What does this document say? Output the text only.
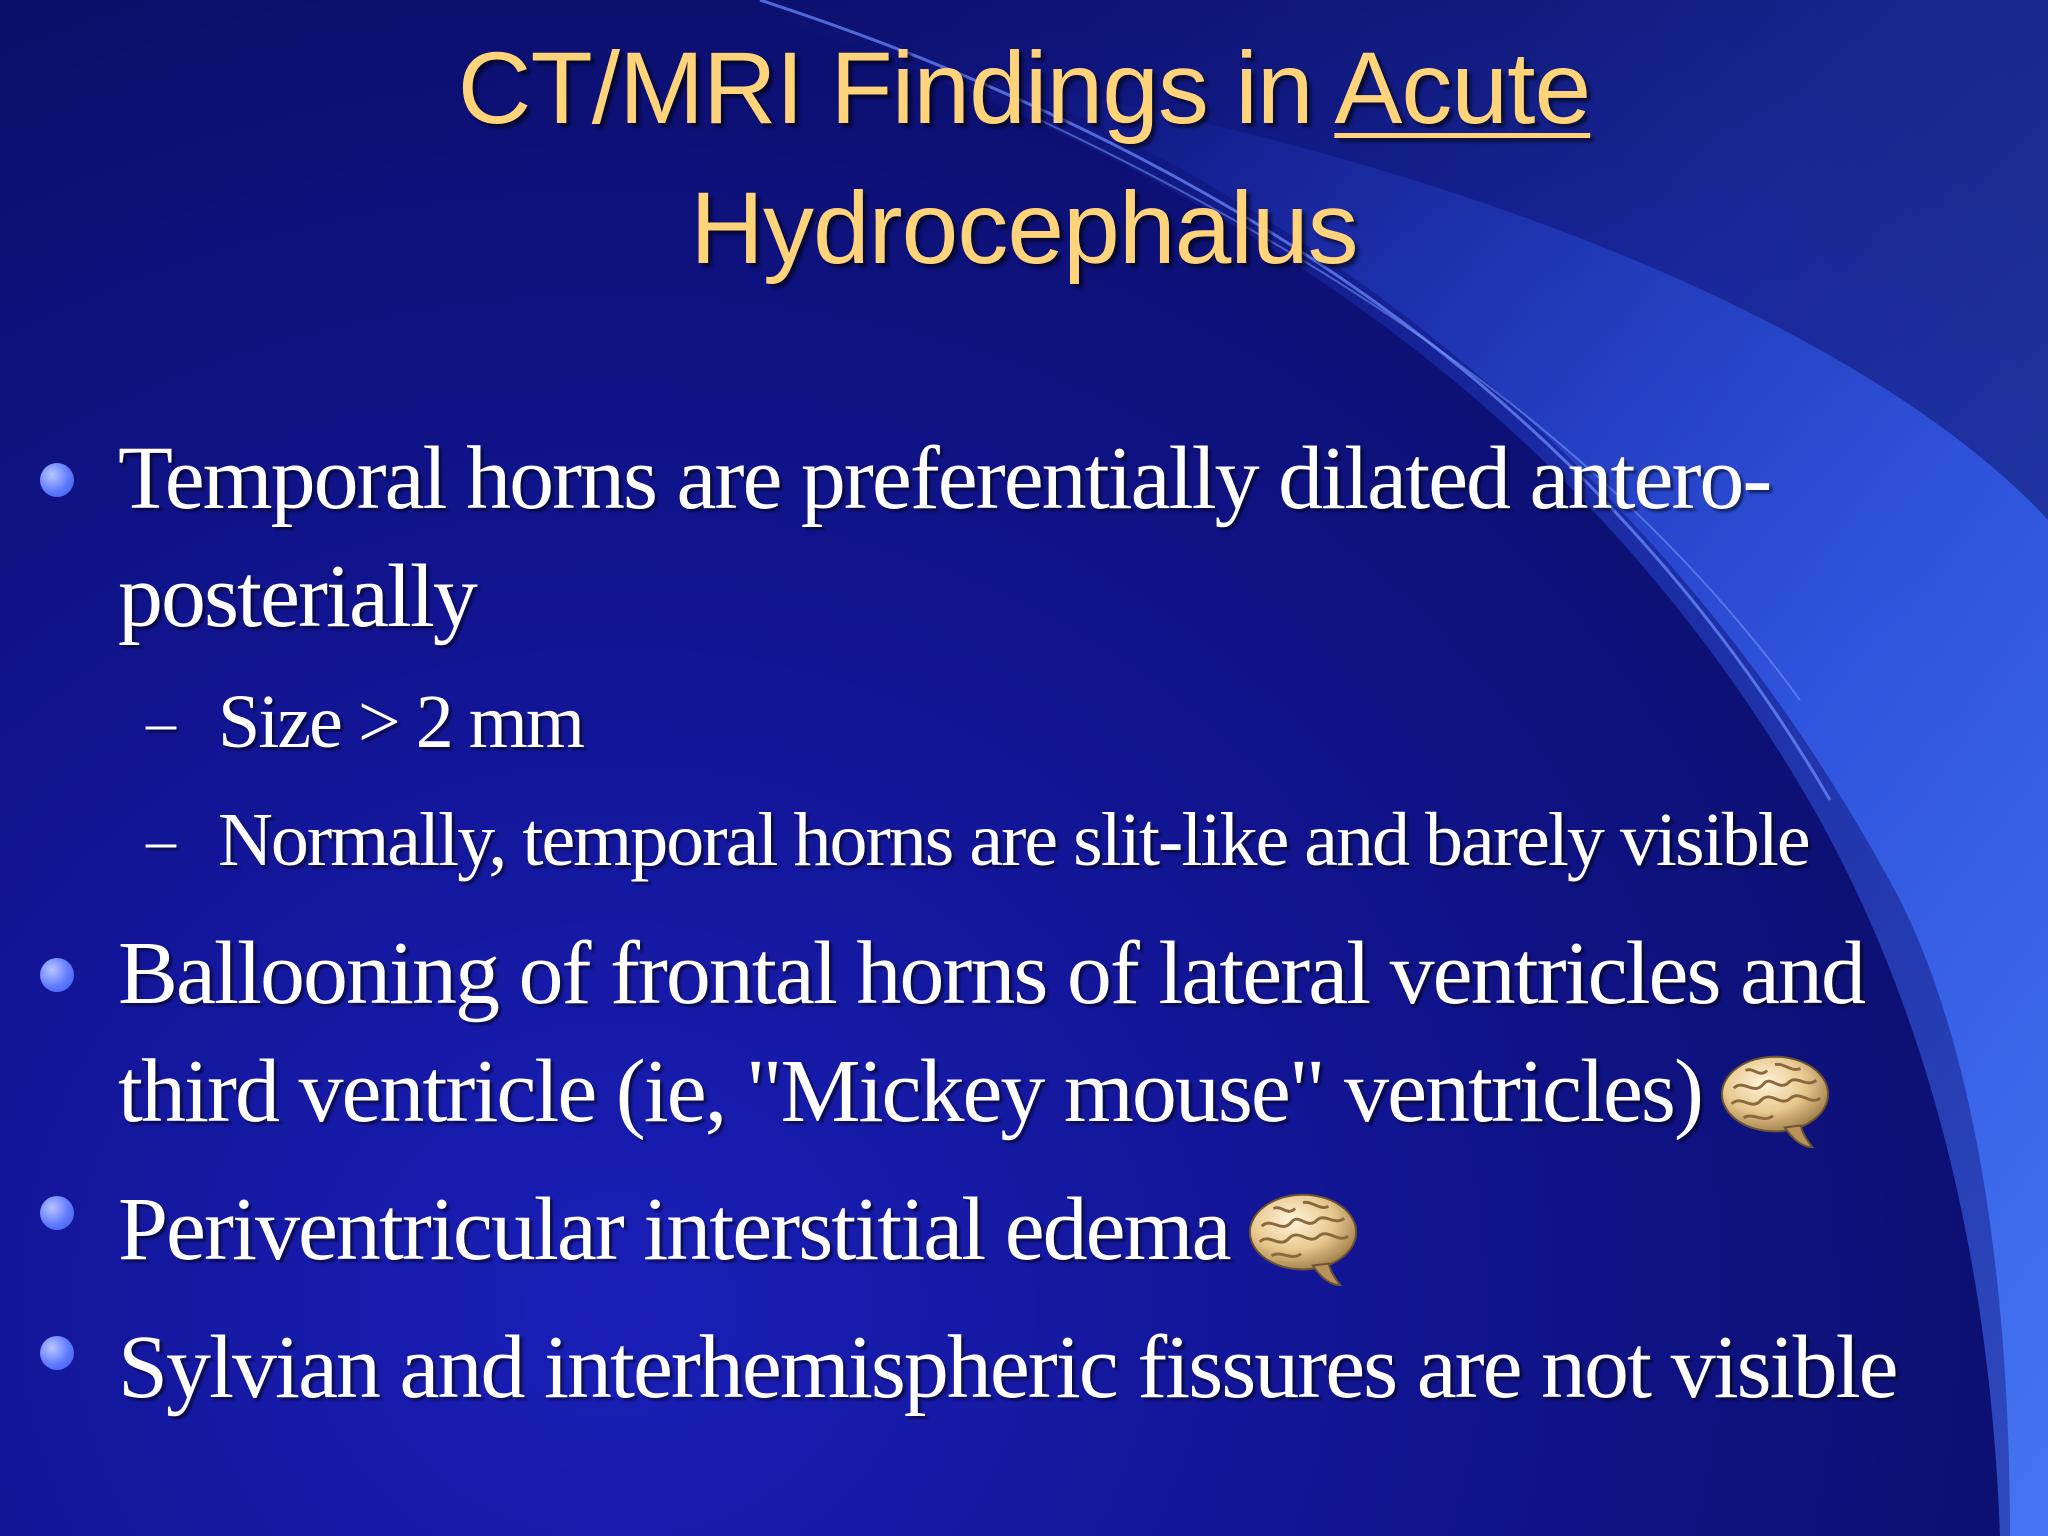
CT/MRI Findings in Acute
Hydrocephalus
Temporal horns are preferentially dilated antero-
posterially
– Size > 2 mm
– Normally, temporal horns are slit-like and barely visible
Ballooning of frontal horns of lateral ventricles and
third ventricle (ie, "Mickey mouse" ventricles)
Periventricular interstitial edema
Sylvian and interhemispheric fissures are not visible
